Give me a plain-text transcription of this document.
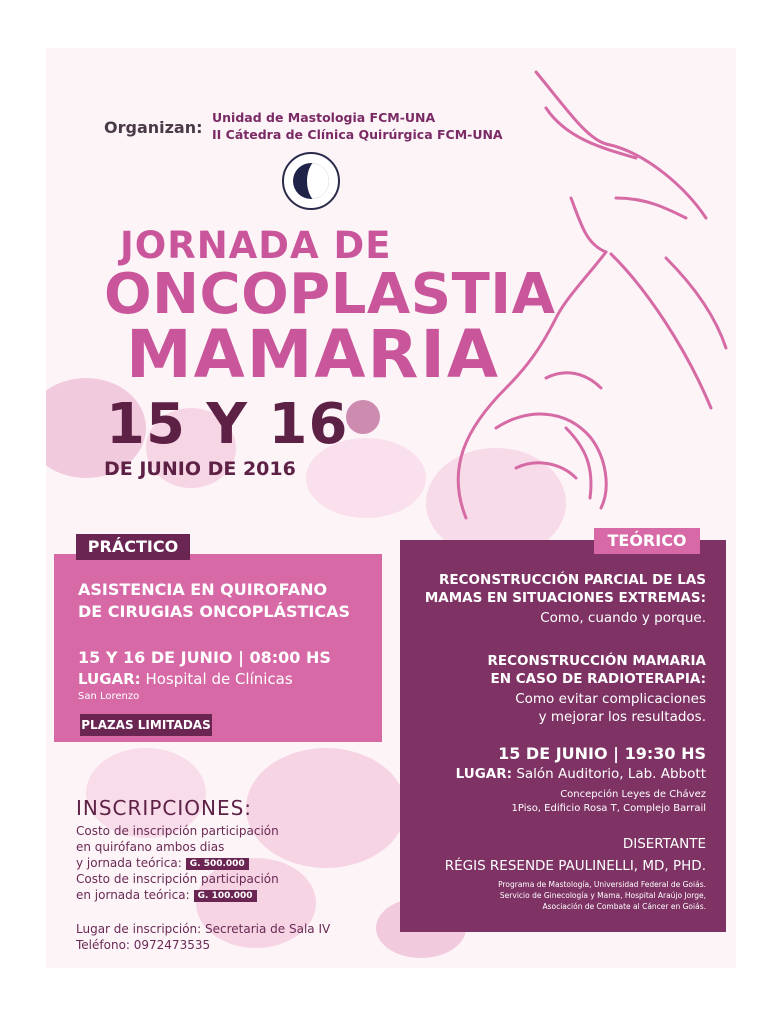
Organizan:
Unidad de Mastologia FCM-UNA
II Cátedra de Clínica Quirúrgica FCM-UNA
JORNADA DE
ONCOPLASTIA
MAMARIA
15 Y 16
DE JUNIO DE 2016
PRÁCTICO
ASISTENCIA EN QUIROFANO
DE CIRUGIAS ONCOPLÁSTICAS
15 Y 16 DE JUNIO | 08:00 HS
LUGAR: Hospital de Clínicas
San Lorenzo
PLAZAS LIMITADAS
TEÓRICO
RECONSTRUCCIÓN PARCIAL DE LAS
MAMAS EN SITUACIONES EXTREMAS:
Como, cuando y porque.
RECONSTRUCCIÓN MAMARIA
EN CASO DE RADIOTERAPIA:
Como evitar complicaciones
y mejorar los resultados.
15 DE JUNIO | 19:30 HS
LUGAR: Salón Auditorio, Lab. Abbott
Concepción Leyes de Chávez
1Piso, Edificio Rosa T, Complejo Barrail
DISERTANTE
RÉGIS RESENDE PAULINELLI, MD, PHD.
Programa de Mastología, Universidad Federal de Goiás.
Servicio de Ginecología y Mama, Hospital Araújo Jorge,
Asociación de Combate al Cáncer en Goiás.
INSCRIPCIONES:
Costo de inscripción participación
en quirófano ambos dias
y jornada teórica: G. 500.000
Costo de inscripción participación
en jornada teórica: G. 100.000
Lugar de inscripción: Secretaria de Sala IV
Teléfono: 0972473535
